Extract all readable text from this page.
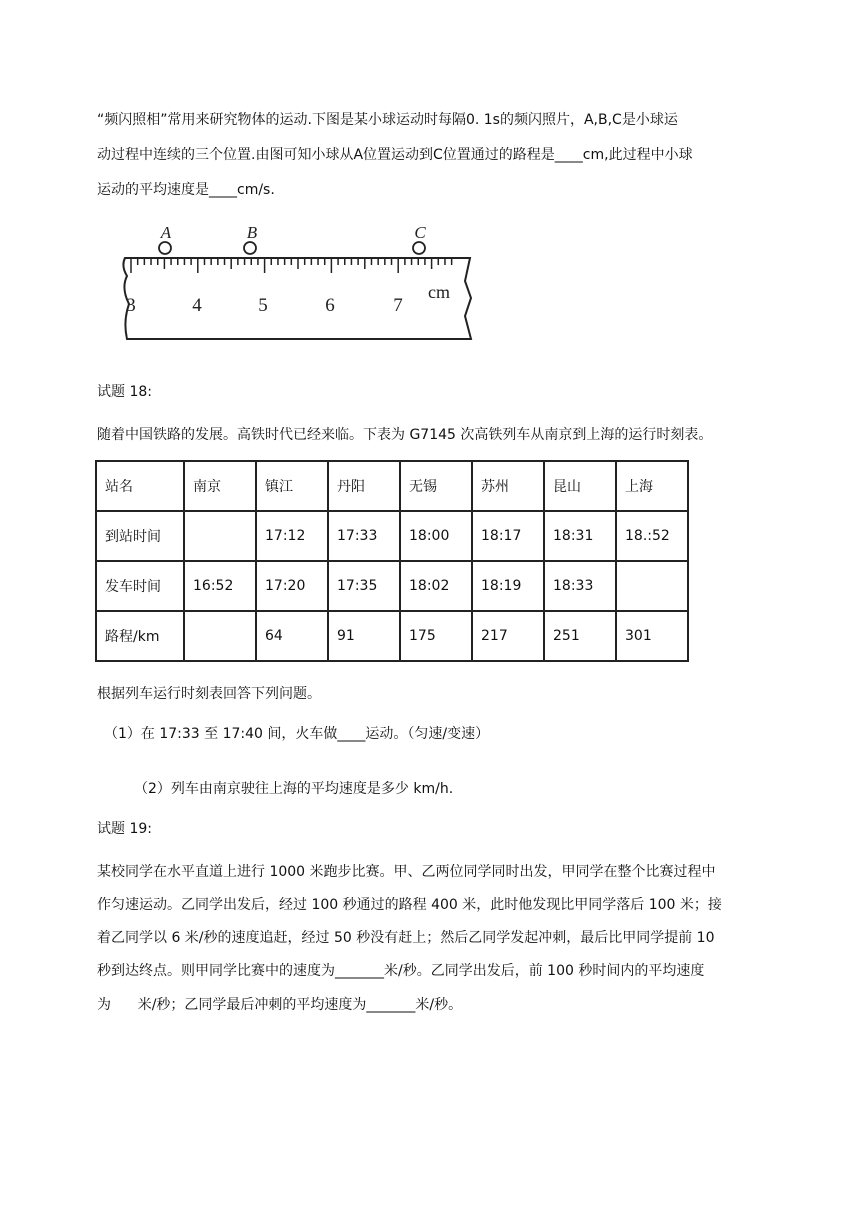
“频闪照相”常用来研究物体的运动.下图是某小球运动时每隔0. 1s的频闪照片，A,B,C是小球运
动过程中连续的三个位置.由图可知小球从A位置运动到C位置通过的路程是____cm,此过程中小球
运动的平均速度是____cm/s.
3	4	5	6	7
cm
A	B	C
试题 18:
随着中国铁路的发展。高铁时代已经来临。下表为 G7145 次高铁列车从南京到上海的运行时刻表。
站名	南京	镇江	丹阳	无锡	苏州	昆山	上海
到站时间		17:12	17:33	18:00	18:17	18:31	18.:52
发车时间	16:52	17:20	17:35	18:02	18:19	18:33	
路程/km		64	91	175	217	251	301
根据列车运行时刻表回答下列问题。
（1）在 17:33 至 17:40 间，火车做____运动。（匀速/变速）
（2）列车由南京驶往上海的平均速度是多少 km/h.
试题 19:
某校同学在水平直道上进行 1000 米跑步比赛。甲、乙两位同学同时出发，甲同学在整个比赛过程中
作匀速运动。乙同学出发后，经过 100 秒通过的路程 400 米，此时他发现比甲同学落后 100 米；接
着乙同学以 6 米/秒的速度追赶，经过 50 秒没有赶上；然后乙同学发起冲刺，最后比甲同学提前 10
秒到达终点。则甲同学比赛中的速度为_______米/秒。乙同学出发后，前 100 秒时间内的平均速度
为      米/秒；乙同学最后冲刺的平均速度为_______米/秒。
